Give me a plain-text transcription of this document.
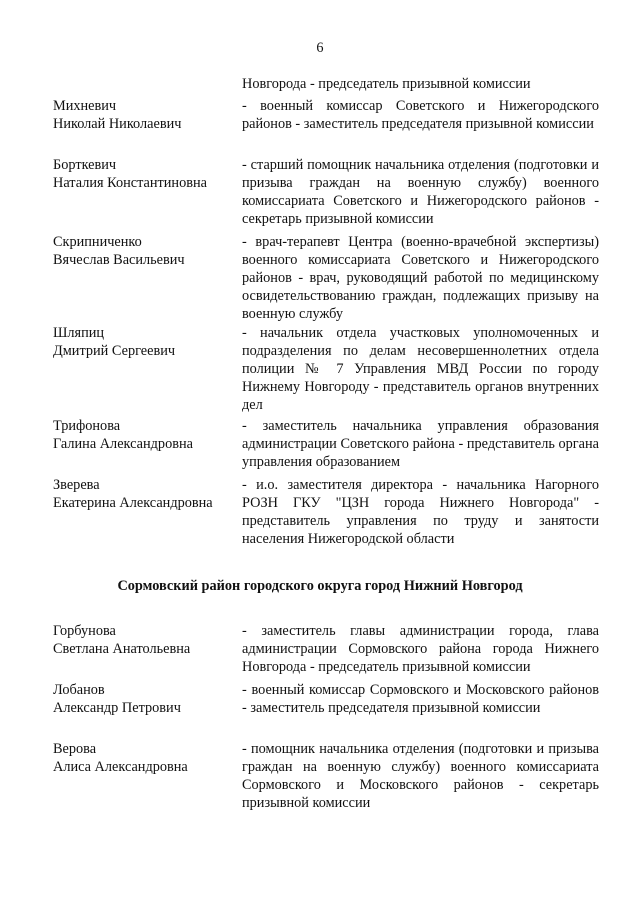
6
Новгорода - председатель призывной комиссии
Михневич
Николай Николаевич
- военный комиссар Советского и Нижегородского районов - заместитель председателя призывной комиссии
Борткевич
Наталия Константиновна
- старший помощник начальника отделения (подготовки и призыва граждан на военную службу) военного комиссариата Советского и Нижегородского районов - секретарь призывной комиссии
Скрипниченко
Вячеслав Васильевич
- врач-терапевт Центра (военно-врачебной экспертизы) военного комиссариата Советского и Нижегородского районов - врач, руководящий работой по медицинскому освидетельствованию граждан, подлежащих призыву на военную службу
Шляпиц
Дмитрий Сергеевич
- начальник отдела участковых уполномоченных и подразделения по делам несовершеннолетних отдела полиции № 7 Управления МВД России по городу Нижнему Новгороду - представитель органов внутренних дел
Трифонова
Галина Александровна
- заместитель начальника управления образования администрации Советского района - представитель органа управления образованием
Зверева
Екатерина Александровна
- и.о. заместителя директора - начальника Нагорного РОЗН ГКУ "ЦЗН города Нижнего Новгорода" - представитель управления по труду и занятости населения Нижегородской области
Сормовский район городского округа город Нижний Новгород
Горбунова
Светлана Анатольевна
- заместитель главы администрации города, глава администрации Сормовского района города Нижнего Новгорода - председатель призывной комиссии
Лобанов
Александр Петрович
- военный комиссар Сормовского и Московского районов - заместитель председателя призывной комиссии
Верова
Алиса Александровна
- помощник начальника отделения (подготовки и призыва граждан на военную службу) военного комиссариата Сормовского и Московского районов - секретарь призывной комиссии
